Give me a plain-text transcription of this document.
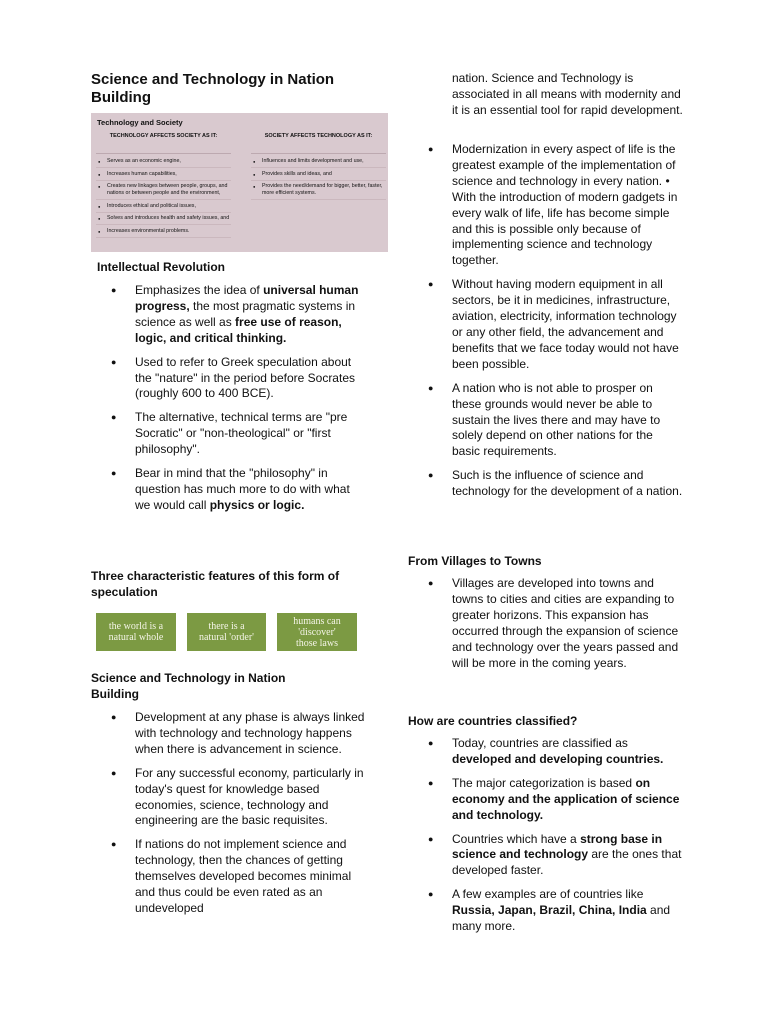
Science and Technology in Nation Building
Technology and Society
TECHNOLOGY AFFECTS SOCIETY AS IT:
● Serves as an economic engine,
● Increases human capabilities,
● Creates new linkages between people, groups, and nations or between people and the environment,
● Introduces ethical and political issues,
● Solves and introduces health and safety issues, and
● Increases environmental problems.
SOCIETY AFFECTS TECHNOLOGY AS IT:
● Influences and limits development and use,
● Provides skills and ideas, and
● Provides the need/demand for bigger, better, faster, more efficient systems.
Intellectual Revolution
● Emphasizes the idea of universal human progress, the most pragmatic systems in science as well as free use of reason, logic, and critical thinking.
● Used to refer to Greek speculation about the "nature" in the period before Socrates (roughly 600 to 400 BCE).
● The alternative, technical terms are "pre Socratic" or "non-theological" or "first philosophy".
● Bear in mind that the "philosophy" in question has much more to do with what we would call physics or logic.
Three characteristic features of this form of speculation
the world is a
natural whole
there is a
natural 'order'
humans can
'discover'
those laws
Science and Technology in Nation Building
● Development at any phase is always linked with technology and technology happens when there is advancement in science.
● For any successful economy, particularly in today's quest for knowledge based economies, science, technology and engineering are the basic requisites.
● If nations do not implement science and technology, then the chances of getting themselves developed becomes minimal and thus could be even rated as an undeveloped
nation. Science and Technology is associated in all means with modernity and it is an essential tool for rapid development.
● Modernization in every aspect of life is the greatest example of the implementation of science and technology in every nation. • With the introduction of modern gadgets in every walk of life, life has become simple and this is possible only because of implementing science and technology together.
● Without having modern equipment in all sectors, be it in medicines, infrastructure, aviation, electricity, information technology or any other field, the advancement and benefits that we face today would not have been possible.
● A nation who is not able to prosper on these grounds would never be able to sustain the lives there and may have to solely depend on other nations for the basic requirements.
● Such is the influence of science and technology for the development of a nation.
From Villages to Towns
● Villages are developed into towns and towns to cities and cities are expanding to greater horizons. This expansion has occurred through the expansion of science and technology over the years passed and will be more in the coming years.
How are countries classified?
● Today, countries are classified as developed and developing countries.
● The major categorization is based on economy and the application of science and technology.
● Countries which have a strong base in science and technology are the ones that developed faster.
● A few examples are of countries like Russia, Japan, Brazil, China, India and many more.
